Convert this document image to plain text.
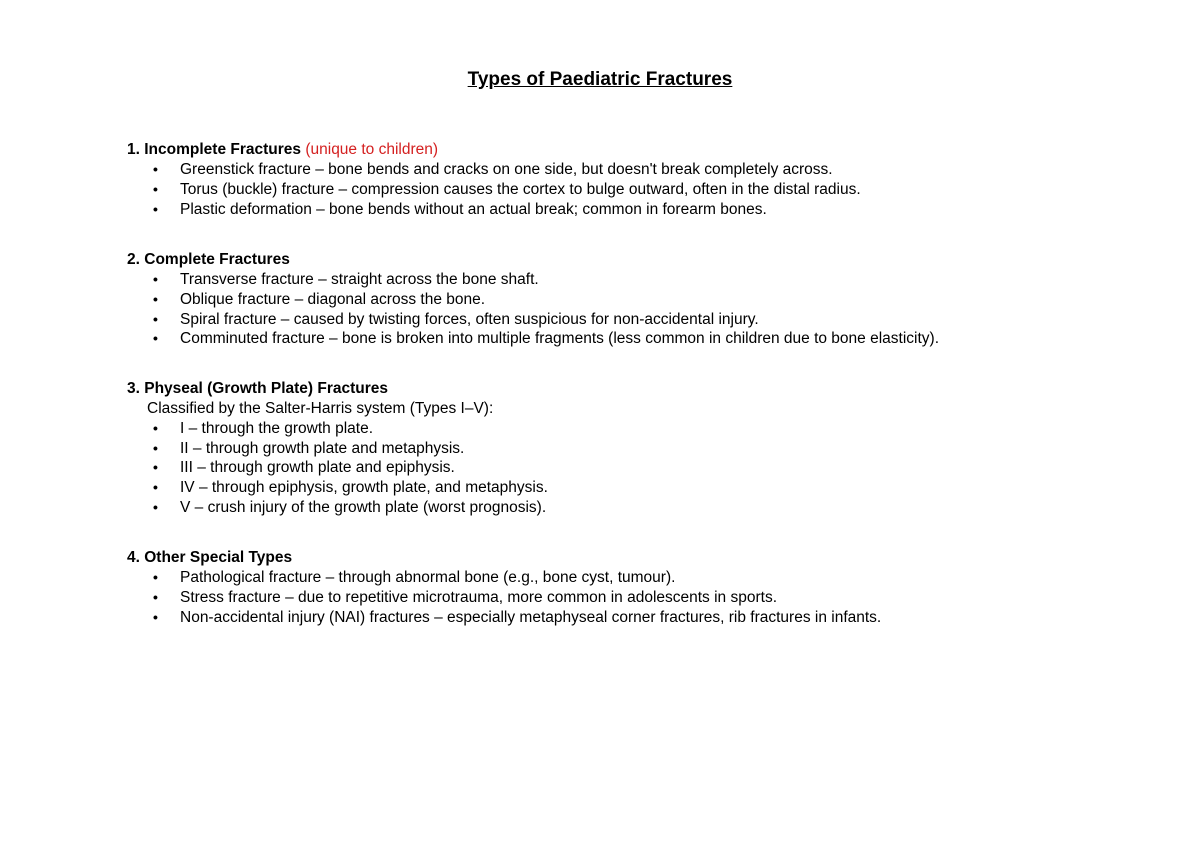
Types of Paediatric Fractures
1. Incomplete Fractures (unique to children)
• Greenstick fracture – bone bends and cracks on one side, but doesn't break completely across.
• Torus (buckle) fracture – compression causes the cortex to bulge outward, often in the distal radius.
• Plastic deformation – bone bends without an actual break; common in forearm bones.
2. Complete Fractures
• Transverse fracture – straight across the bone shaft.
• Oblique fracture – diagonal across the bone.
• Spiral fracture – caused by twisting forces, often suspicious for non-accidental injury.
• Comminuted fracture – bone is broken into multiple fragments (less common in children due to bone elasticity).
3. Physeal (Growth Plate) Fractures
Classified by the Salter-Harris system (Types I–V):
• I – through the growth plate.
• II – through growth plate and metaphysis.
• III – through growth plate and epiphysis.
• IV – through epiphysis, growth plate, and metaphysis.
• V – crush injury of the growth plate (worst prognosis).
4. Other Special Types
• Pathological fracture – through abnormal bone (e.g., bone cyst, tumour).
• Stress fracture – due to repetitive microtrauma, more common in adolescents in sports.
• Non-accidental injury (NAI) fractures – especially metaphyseal corner fractures, rib fractures in infants.
